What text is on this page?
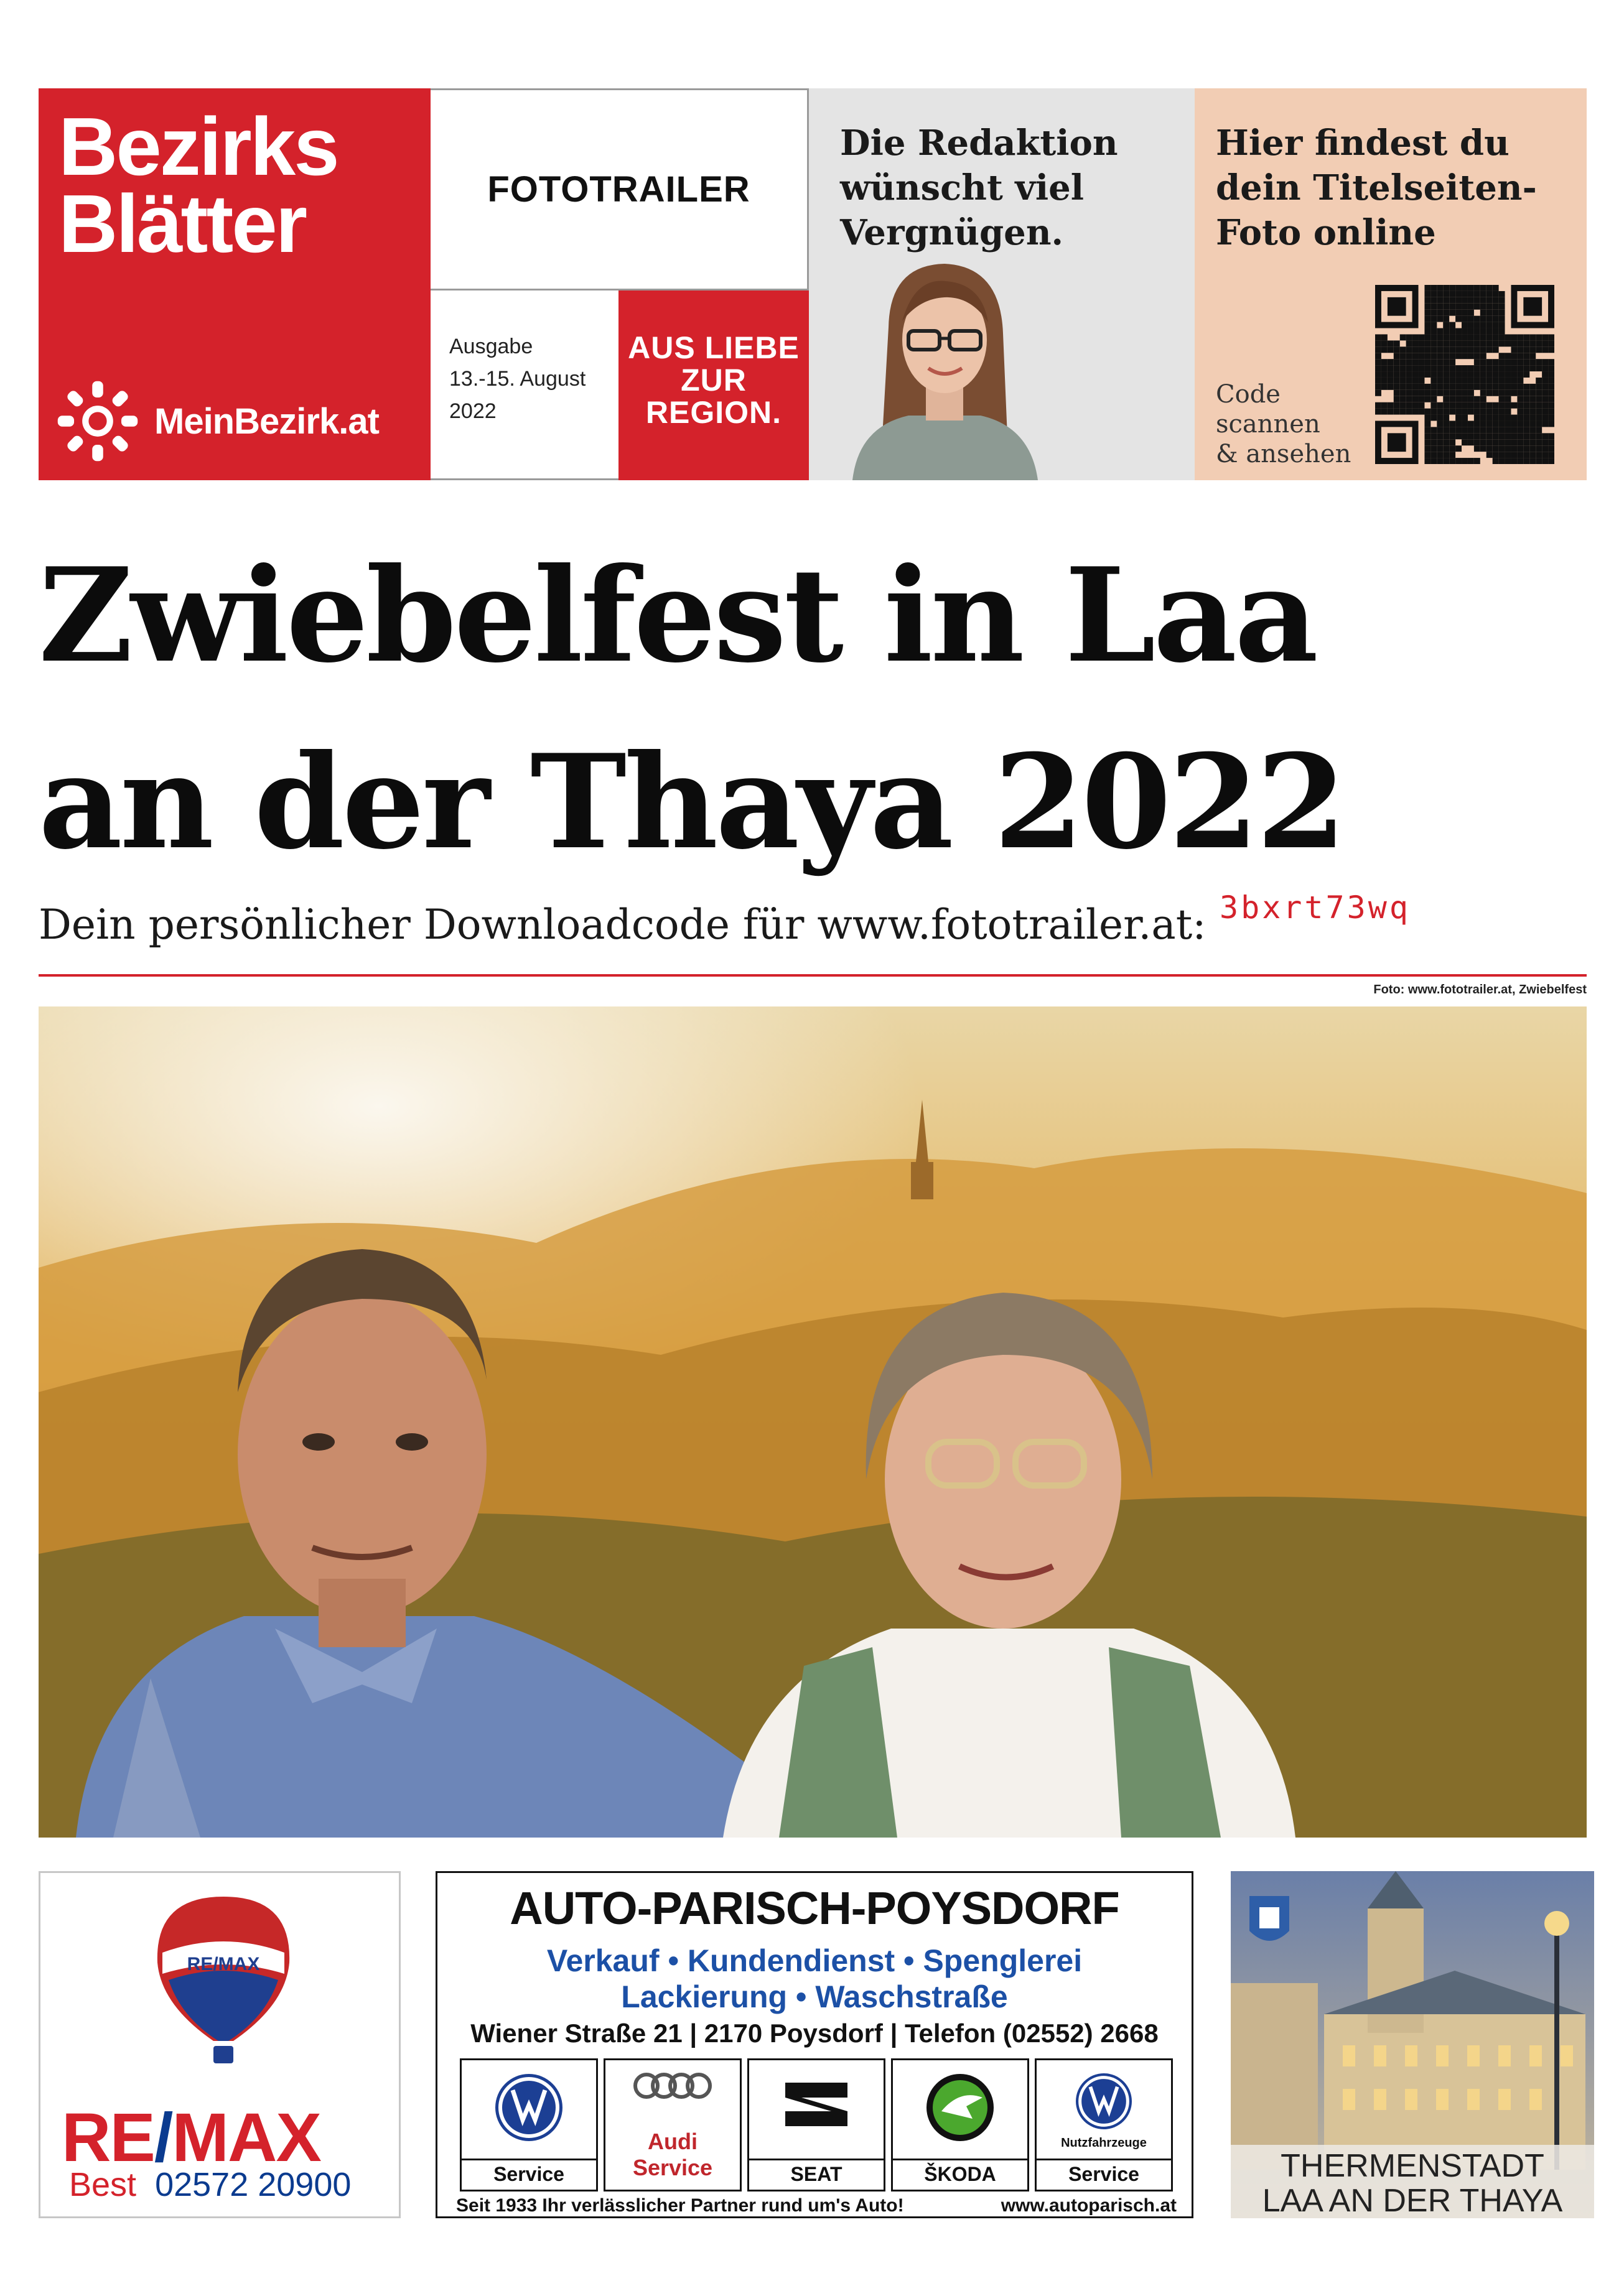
Bezirks
Blätter
MeinBezirk.at
FOTOTRAILER
Ausgabe
13.-15. August
2022
AUS LIEBE
ZUR
REGION.
Die Redaktion
wünscht viel
Vergnügen.
Hier findest du
dein Titelseiten-
Foto online
Code
scannen
& ansehen
Zwiebelfest in Laa
an der Thaya 2022
Dein persönlicher Downloadcode für www.fototrailer.at: 3bxrt73wq
Foto: www.fototrailer.at, Zwiebelfest
RE/MAX
RE/MAX
Best 02572 20900
AUTO-PARISCH-POYSDORF
Verkauf • Kundendienst • Spenglerei
Lackierung • Waschstraße
Wiener Straße 21 | 2170 Poysdorf | Telefon (02552) 2668
Service
Audi Service	SEAT	ŠKODA
Nutzfahrzeuge
Service
Seit 1933 Ihr verlässlicher Partner rund um's Auto!	www.autoparisch.at
THERMENSTADT
LAA AN DER THAYA
